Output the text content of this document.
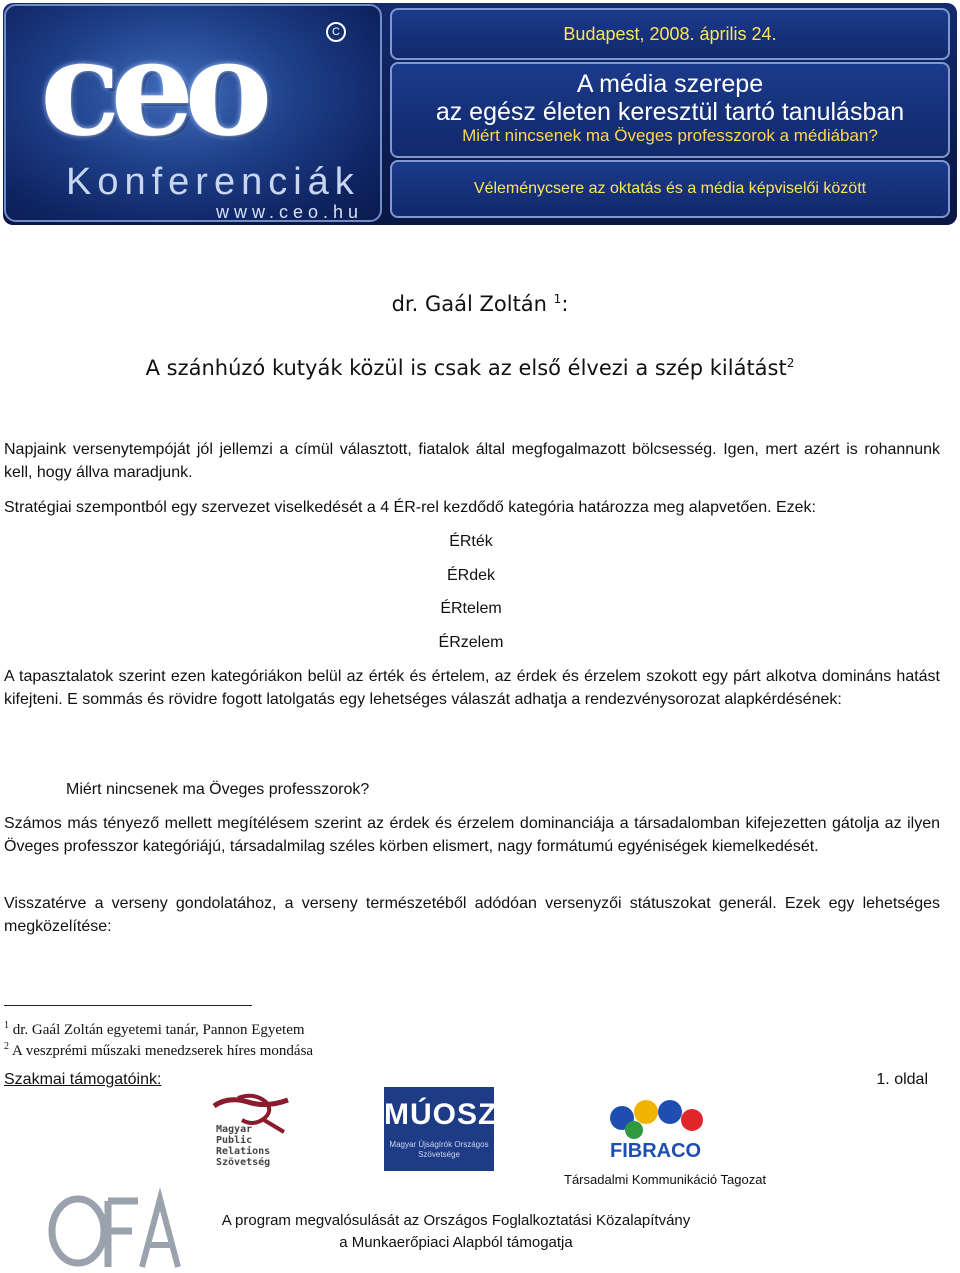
ceo	C
Konferenciák
www.ceo.hu
Budapest, 2008. április 24.
A média szerepe
az egész életen keresztül tartó tanulásban
Miért nincsenek ma Öveges professzorok a médiában?
Véleménycsere az oktatás és a média képviselői között
dr. Gaál Zoltán $^1$:
A szánhúzó kutyák közül is csak az első élvezi a szép kilátást$^2$
Napjaink versenytempóját jól jellemzi a címül választott, fiatalok által megfogalmazott bölcsesség. Igen, mert azért is rohannunk kell, hogy állva maradjunk.
Stratégiai szempontból egy szervezet viselkedését a 4 ÉR-rel kezdődő kategória határozza meg alapvetően. Ezek:
ÉRték
ÉRdek
ÉRtelem
ÉRzelem
A tapasztalatok szerint ezen kategóriákon belül az érték és értelem, az érdek és érzelem szokott egy párt alkotva domináns hatást kifejteni. E sommás és rövidre fogott latolgatás egy lehetséges válaszát adhatja a rendezvénysorozat alapkérdésének:
Miért nincsenek ma Öveges professzorok?
Számos más tényező mellett megítélésem szerint az érdek és érzelem dominanciája a társadalomban kifejezetten gátolja az ilyen Öveges professzor kategóriájú, társadalmilag széles körben elismert, nagy formátumú egyéniségek kiemelkedését.
Visszatérve a verseny gondolatához, a verseny természetéből adódóan versenyzői státuszokat generál. Ezek egy lehetséges megközelítése:
$^1$ dr. Gaál Zoltán egyetemi tanár, Pannon Egyetem
$^2$ A veszprémi műszaki menedzserek híres mondása
Szakmai támogatóink:	1. oldal
Magyar
Public
Relations
Szövetség
MÚOSZ
Magyar Újságírók Országos Szövetsége	FIBRACO
Társadalmi Kommunikáció Tagozat
OFA
A program megvalósulását az Országos Foglalkoztatási Közalapítvány
a Munkaerőpiaci Alapból támogatja
